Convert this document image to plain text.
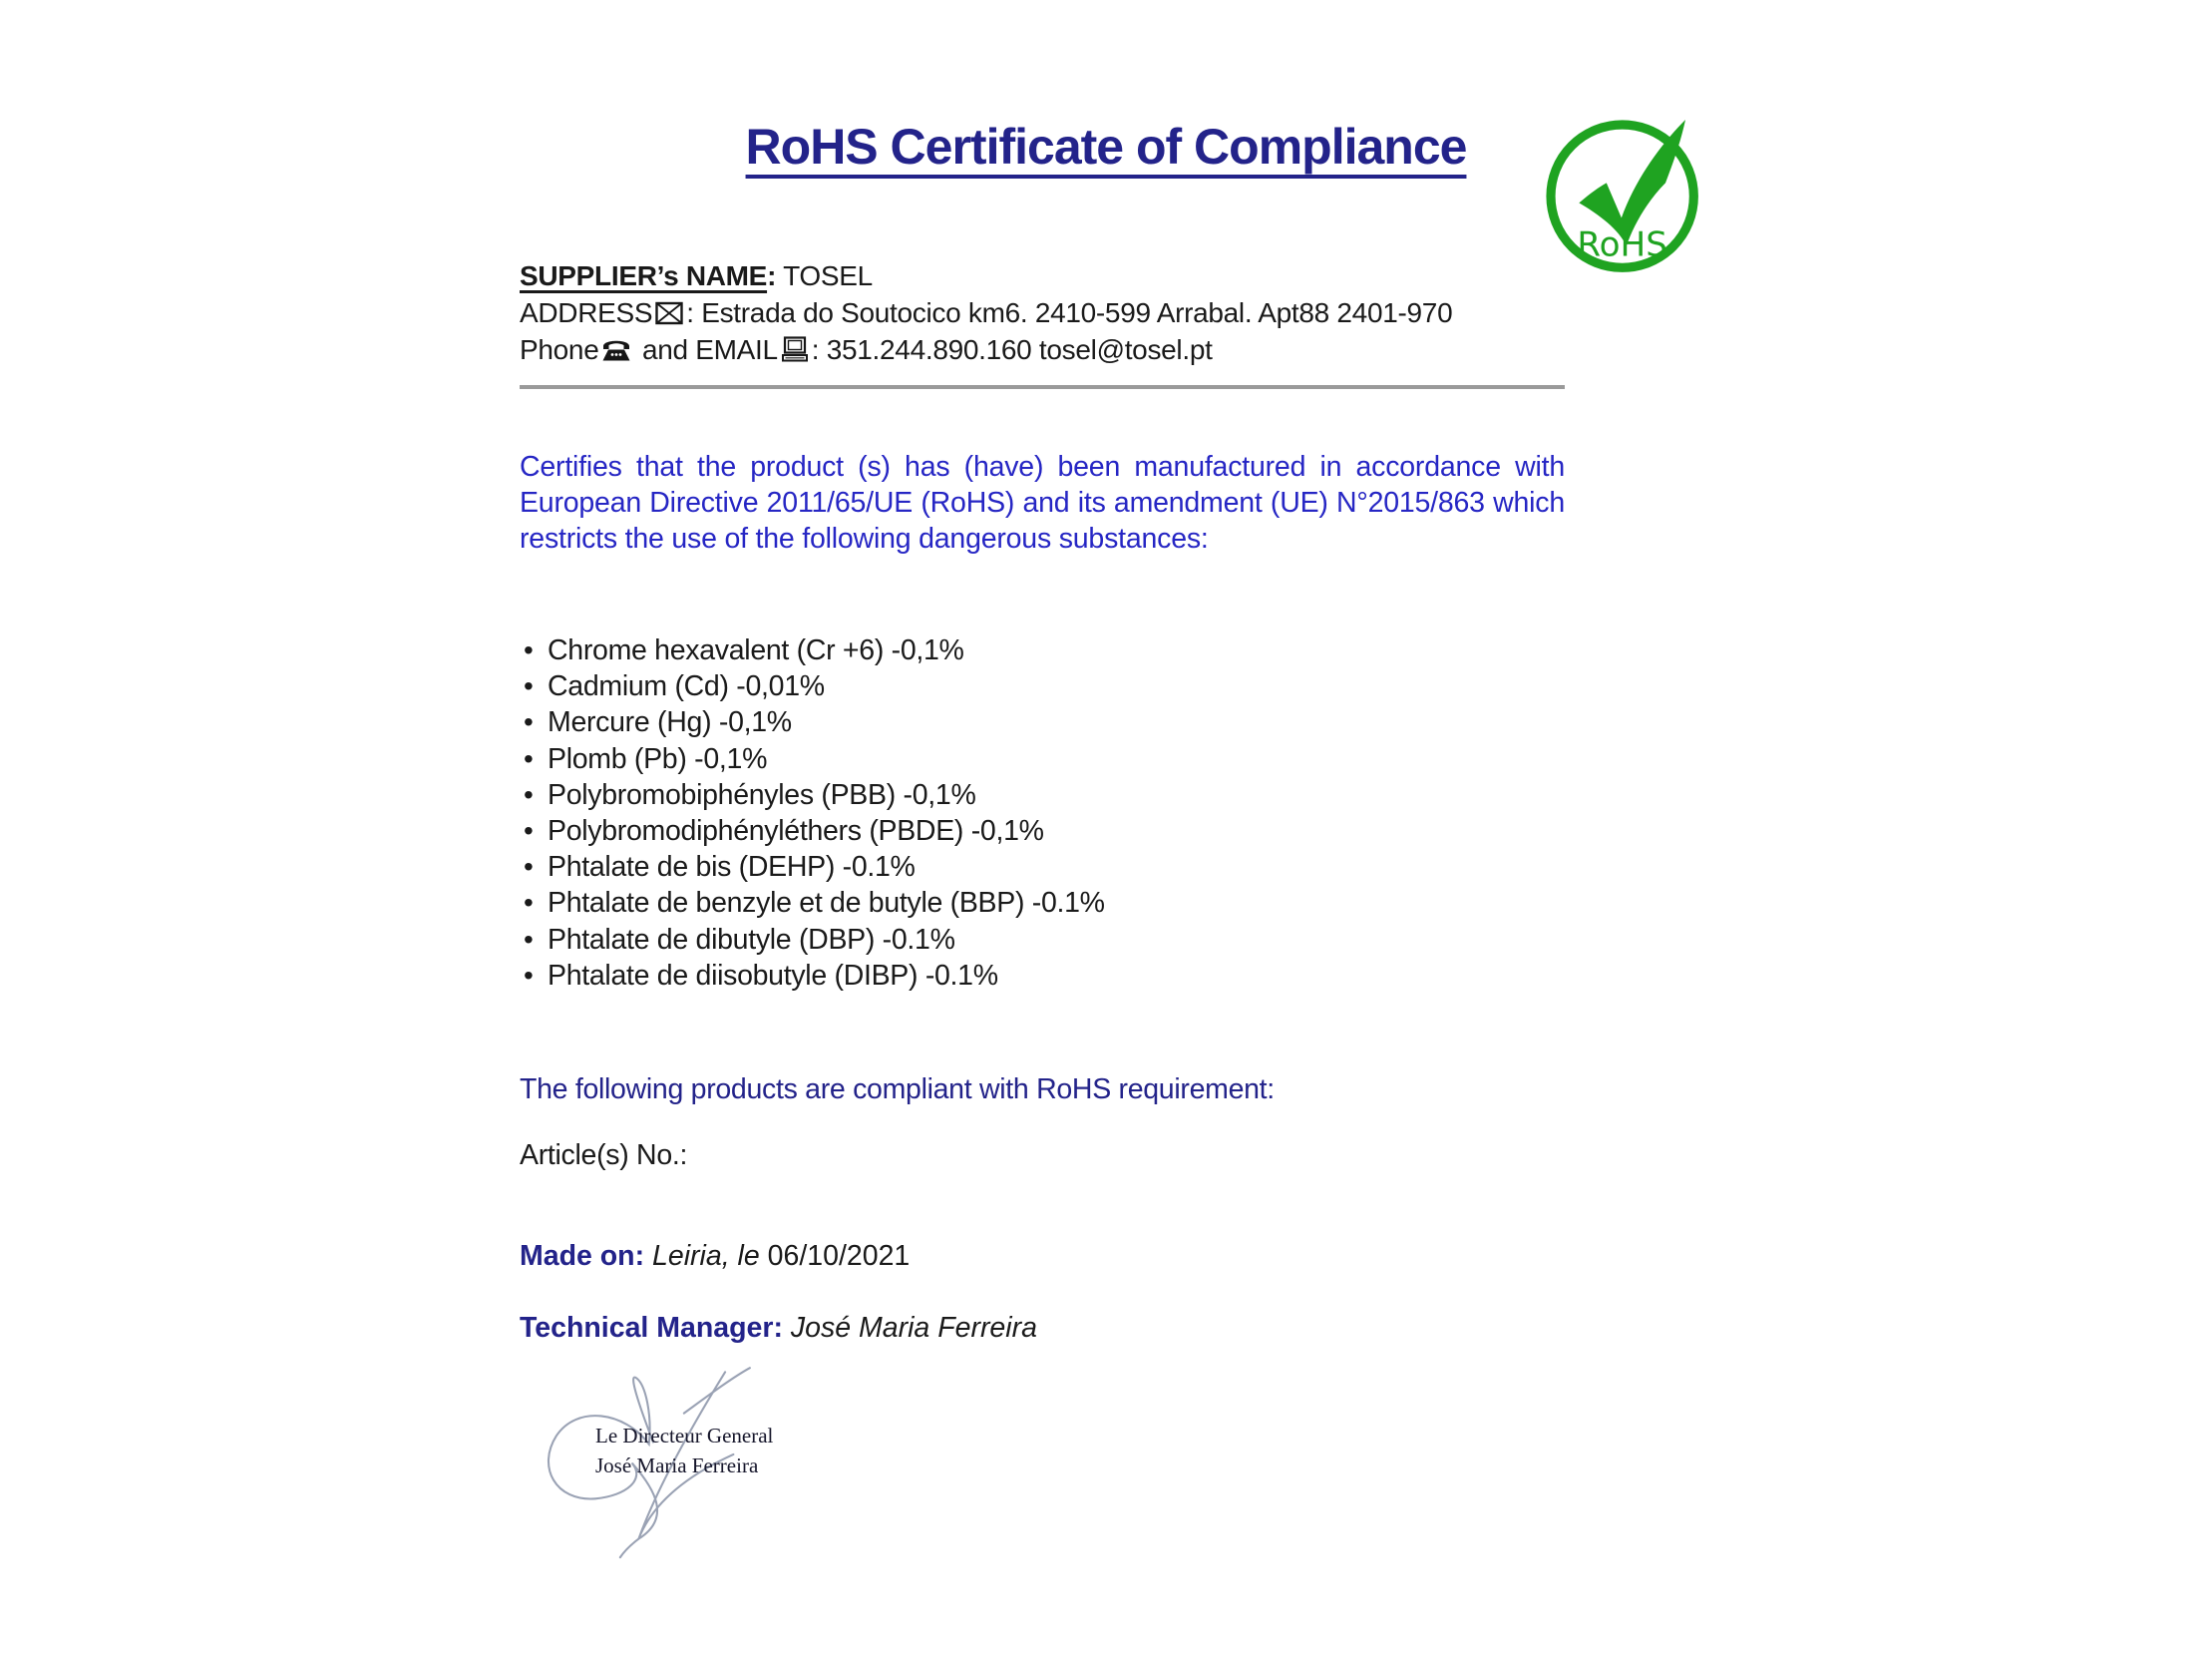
RoHS Certificate of Compliance
RoHS
SUPPLIER’s NAME: TOSEL
ADDRESS : Estrada do Soutocico km6. 2410-599 Arrabal. Apt88 2401-970
Phone
and EMAIL : 351.244.890.160 tosel@tosel.pt

Certifies that the product (s) has (have) been manufactured in accordance with European Directive 2011/65/UE (RoHS) and its amendment (UE) N°2015/863 which restricts the use of the following dangerous substances:

• Chrome hexavalent (Cr +6) -0,1%
• Cadmium (Cd) -0,01%
• Mercure (Hg) -0,1%
• Plomb (Pb) -0,1%
• Polybromobiphényles (PBB) -0,1%
• Polybromodiphényléthers (PBDE) -0,1%
• Phtalate de bis (DEHP) -0.1%
• Phtalate de benzyle et de butyle (BBP) -0.1%
• Phtalate de dibutyle (DBP) -0.1%
• Phtalate de diisobutyle (DIBP) -0.1%
The following products are compliant with RoHS requirement:
Article(s) No.:
Made on: Leiria, le 06/10/2021
Technical Manager: José Maria Ferreira
Le Directeur General
José Maria Ferreira
